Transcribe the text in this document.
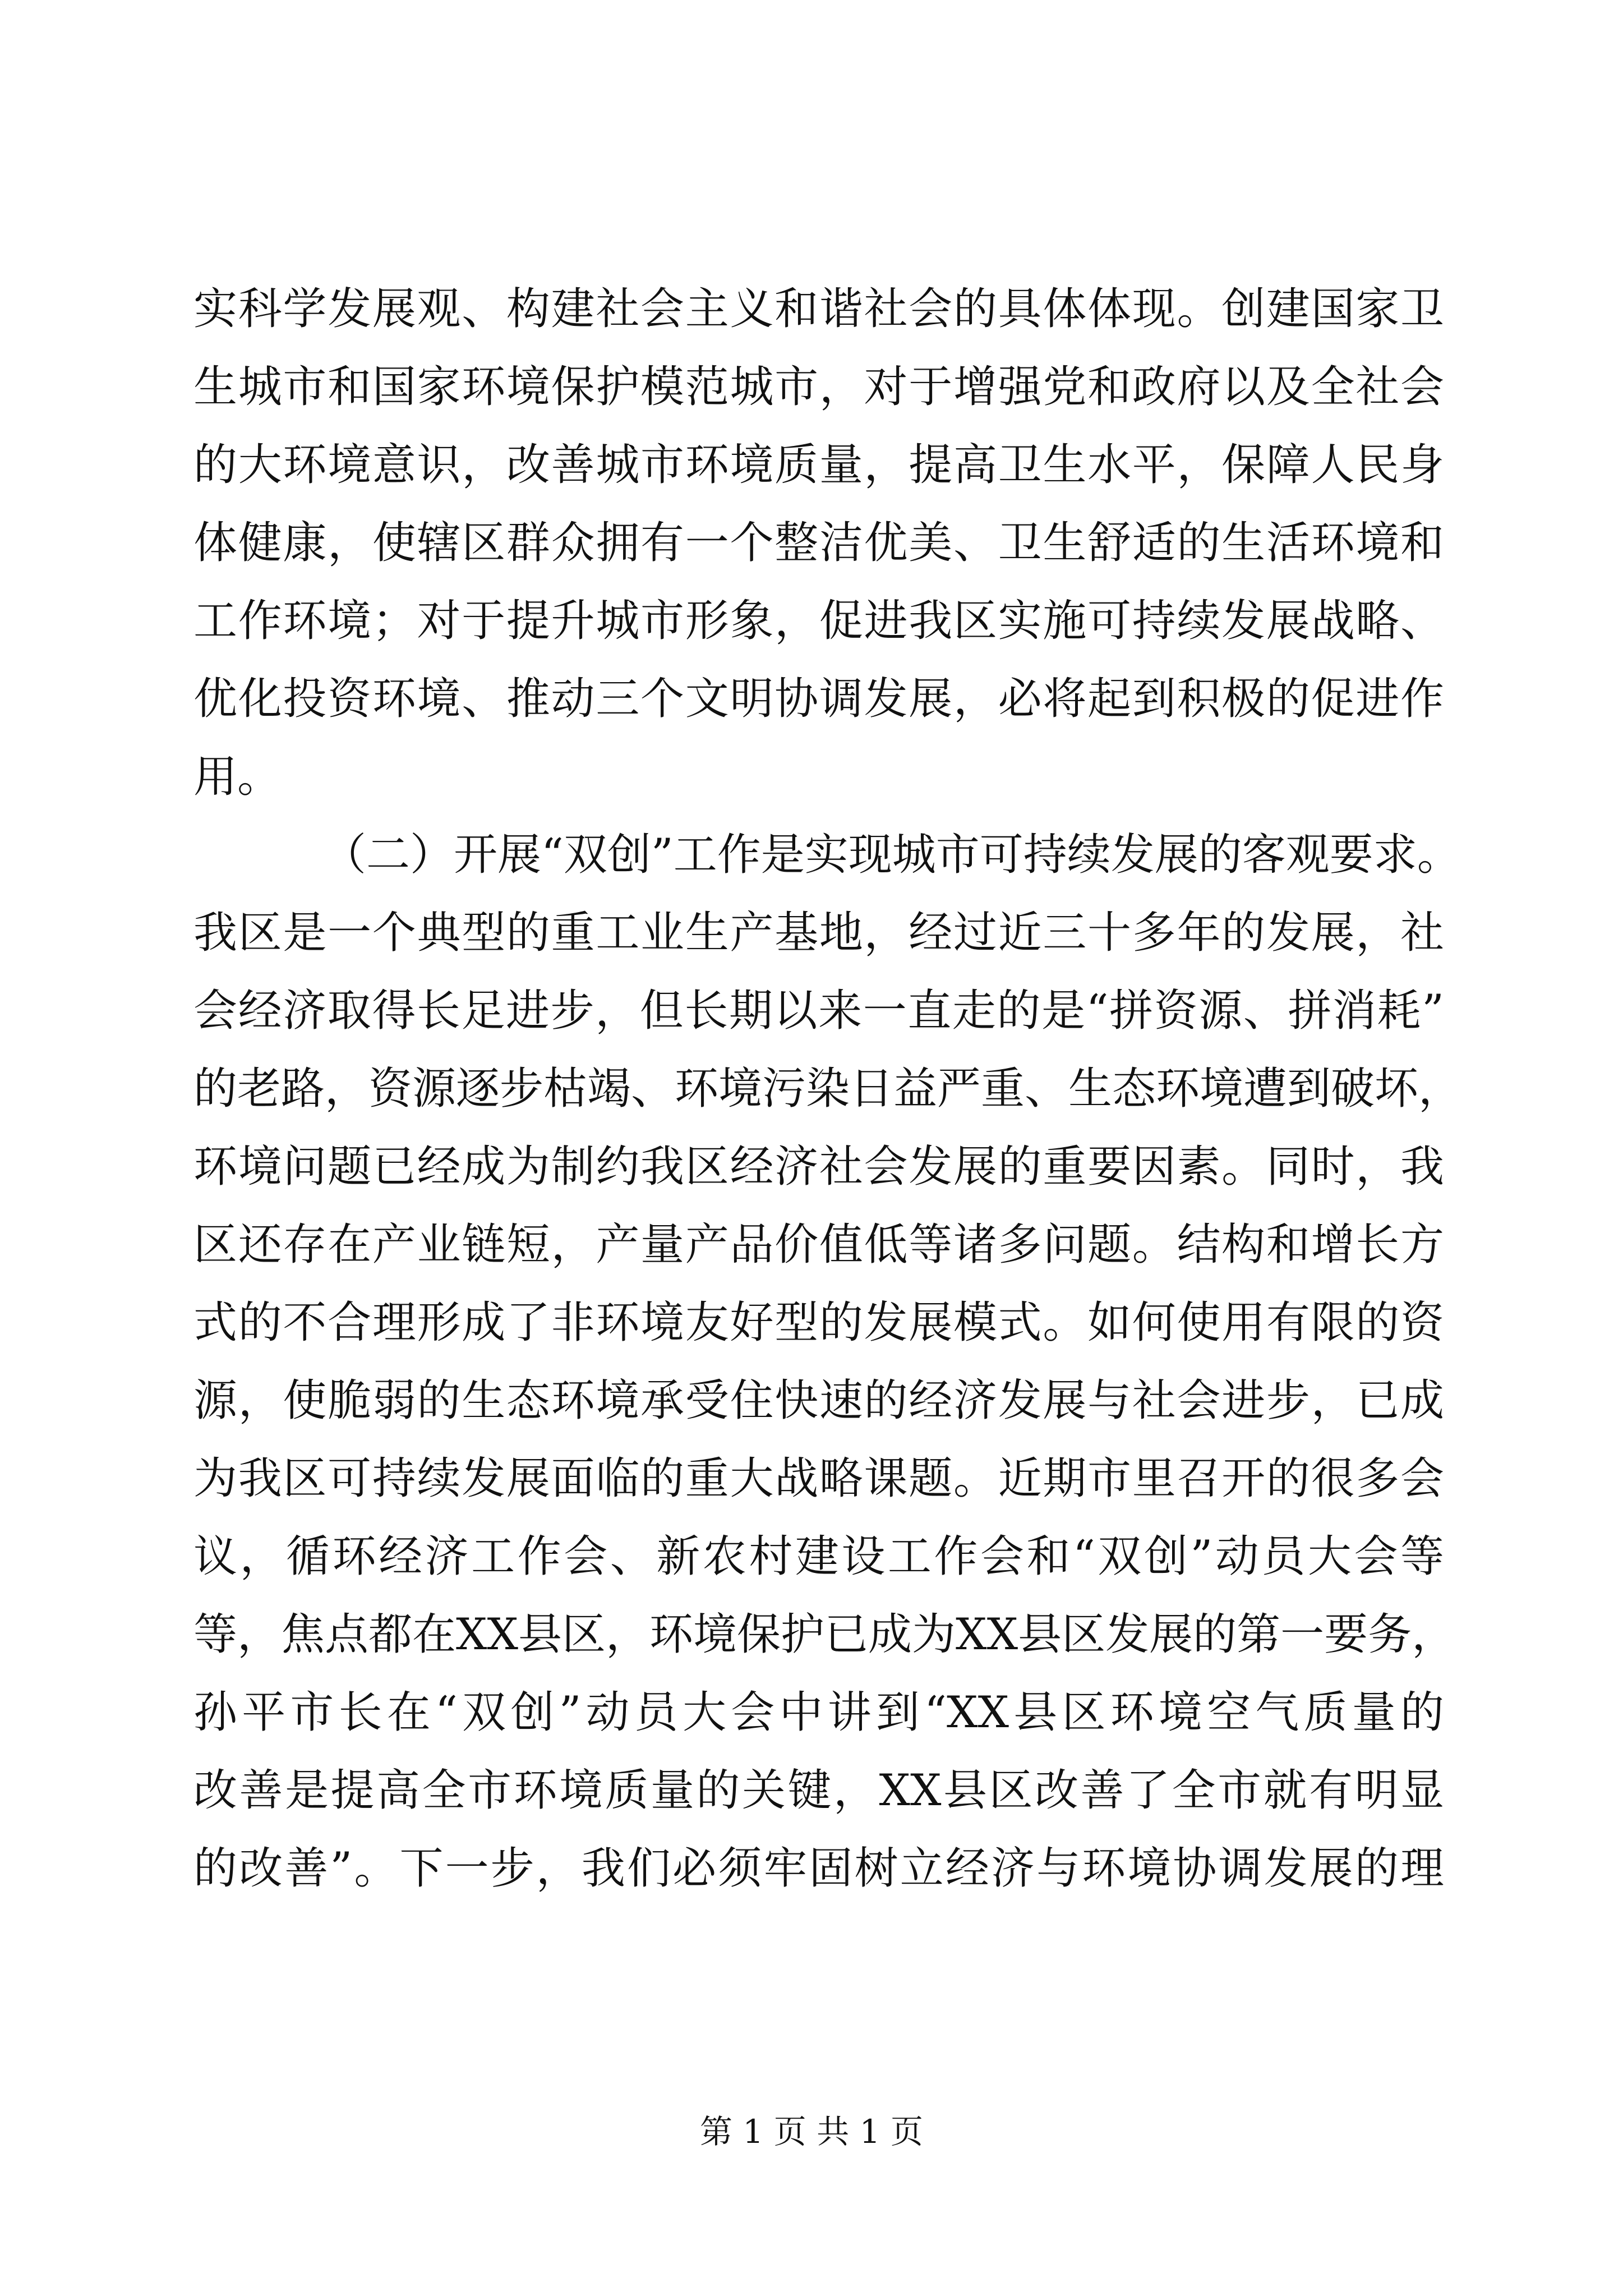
实科学发展观、构建社会主义和谐社会的具体体现。创建国家卫
生城市和国家环境保护模范城市，对于增强党和政府以及全社会
的大环境意识，改善城市环境质量，提高卫生水平，保障人民身
体健康，使辖区群众拥有一个整洁优美、卫生舒适的生活环境和
工作环境；对于提升城市形象，促进我区实施可持续发展战略、
优化投资环境、推动三个文明协调发展，必将起到积极的促进作
用。
（二）开展“双创”工作是实现城市可持续发展的客观要求。
我区是一个典型的重工业生产基地，经过近三十多年的发展，社
会经济取得长足进步，但长期以来一直走的是“拼资源、拼消耗”
的老路，资源逐步枯竭、环境污染日益严重、生态环境遭到破坏，
环境问题已经成为制约我区经济社会发展的重要因素。同时，我
区还存在产业链短，产量产品价值低等诸多问题。结构和增长方
式的不合理形成了非环境友好型的发展模式。如何使用有限的资
源，使脆弱的生态环境承受住快速的经济发展与社会进步，已成
为我区可持续发展面临的重大战略课题。近期市里召开的很多会
议，循环经济工作会、新农村建设工作会和“双创”动员大会等
等，焦点都在XX县区，环境保护已成为XX县区发展的第一要务，
孙平市长在“双创”动员大会中讲到“XX县区环境空气质量的
改善是提高全市环境质量的关键，XX县区改善了全市就有明显
的改善”。下一步，我们必须牢固树立经济与环境协调发展的理
第 1 页 共 1 页
